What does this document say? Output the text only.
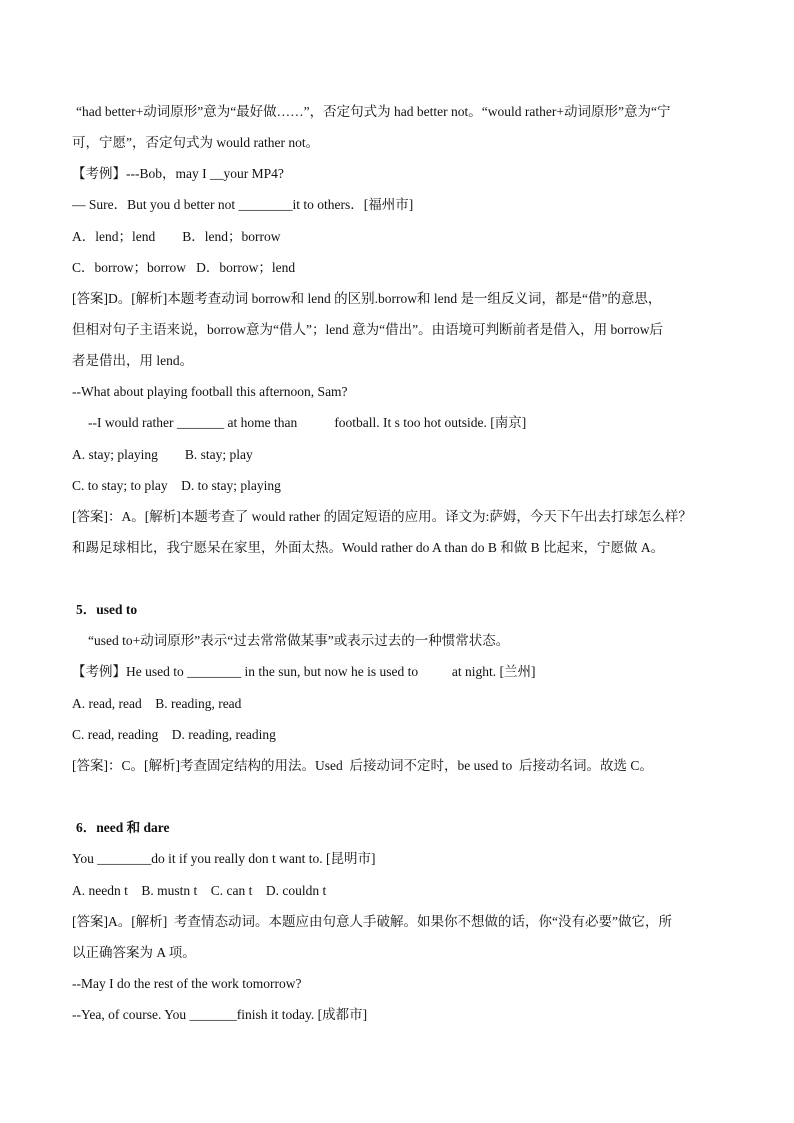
“had better+动词原形”意为“最好做……”，否定句式为 had better not。“would rather+动词原形”意为“宁
可，宁愿”，否定句式为 would rather not。
【考例】---Bob，may I __your MP4?
— Sure．But you d better not ________it to others．[福州市]
A．lend；lend        B．lend；borrow
C．borrow；borrow   D．borrow；lend
[答案]D。[解析]本题考查动词 borrow和 lend 的区别.borrow和 lend 是一组反义词，都是“借”的意思，
但相对句子主语来说，borrow意为“借人”；lend 意为“借出”。由语境可判断前者是借入，用 borrow后
者是借出，用 lend。
--What about playing football this afternoon, Sam?
--I would rather _______ at home than           football. It s too hot outside. [南京]
A. stay; playing        B. stay; play
C. to stay; to play    D. to stay; playing
[答案]：A。[解析]本题考查了 would rather 的固定短语的应用。译文为:萨姆，今天下午出去打球怎么样？
和踢足球相比，我宁愿呆在家里，外面太热。Would rather do A than do B 和做 B 比起来，宁愿做 A。
5．used to
“used to+动词原形”表示“过去常常做某事”或表示过去的一种惯常状态。
【考例】He used to ________ in the sun, but now he is used to          at night. [兰州]
A. read, read    B. reading, read
C. read, reading    D. reading, reading
[答案]：C。[解析]考查固定结构的用法。Used  后接动词不定时，be used to  后接动名词。故选 C。
6．need 和 dare
You ________do it if you really don t want to. [昆明市]
A. needn t    B. mustn t    C. can t    D. couldn t
[答案]A。[解析]  考查情态动词。本题应由句意人手破解。如果你不想做的话，你“没有必要”做它，所
以正确答案为 A 项。
--May I do the rest of the work tomorrow?
--Yea, of course. You _______finish it today. [成都市]
